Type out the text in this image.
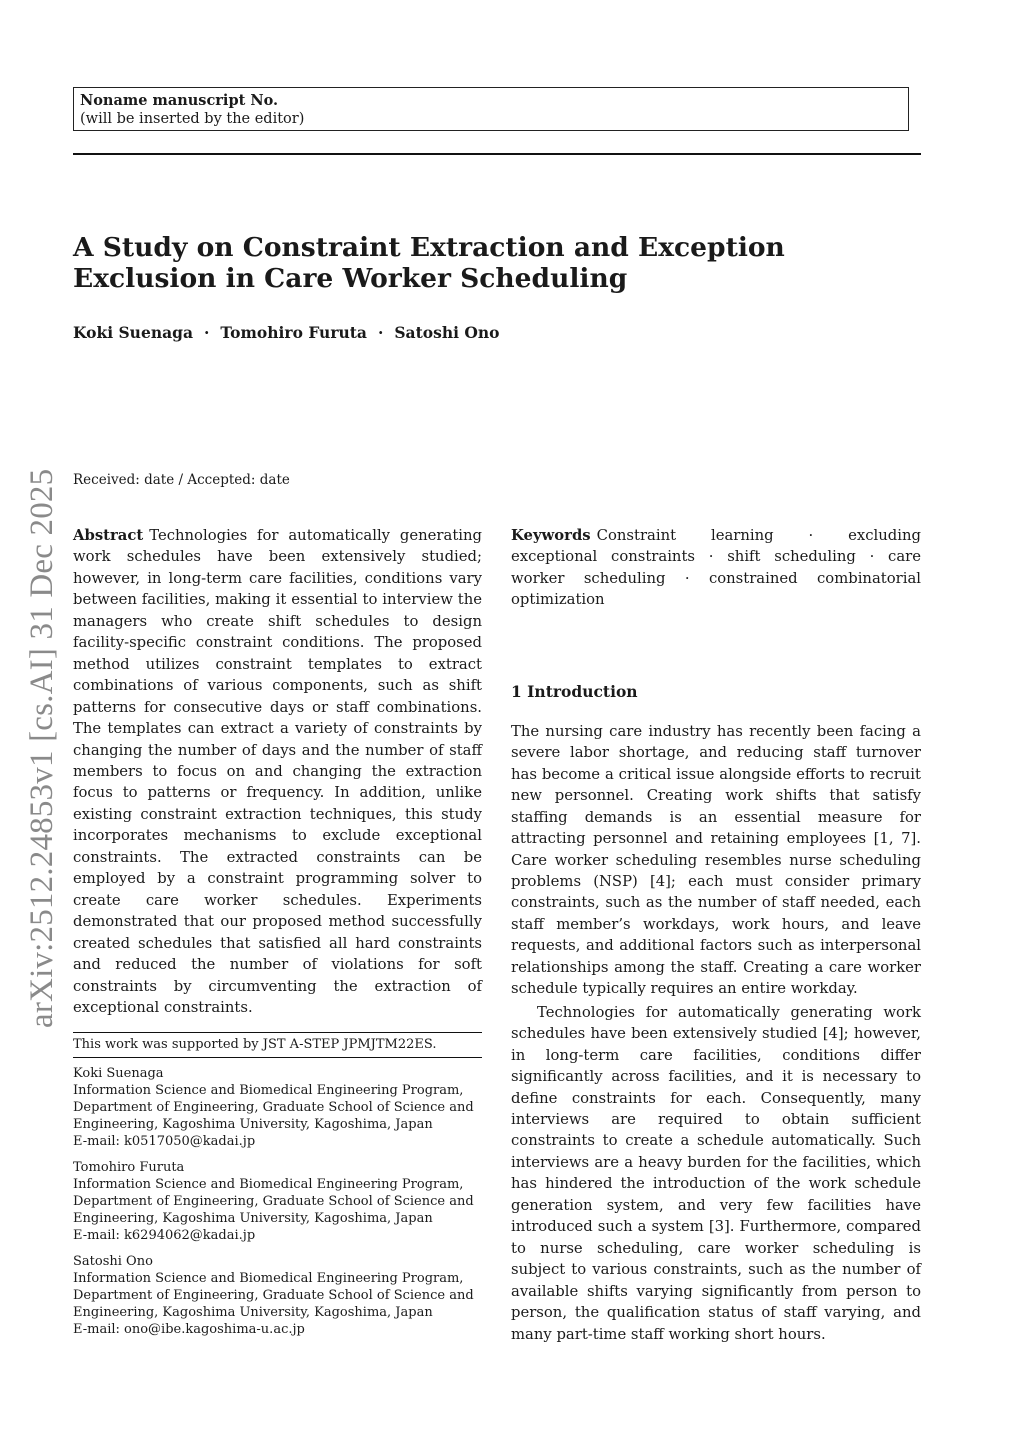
Noname manuscript No.
(will be inserted by the editor)
A Study on Constraint Extraction and Exception Exclusion in Care Worker Scheduling
Koki Suenaga · Tomohiro Furuta · Satoshi Ono
arXiv:2512.24853v1 [cs.AI] 31 Dec 2025 Received: date / Accepted: date

Abstract Technologies for automatically generating work schedules have been extensively studied; however, in long-term care facilities, conditions vary between facilities, making it essential to interview the managers who create shift schedules to design facility-specific constraint conditions. The proposed method utilizes constraint templates to extract combinations of various components, such as shift patterns for consecutive days or staff combinations. The templates can extract a variety of constraints by changing the number of days and the number of staff members to focus on and changing the extraction focus to patterns or frequency. In addition, unlike existing constraint extraction techniques, this study incorporates mechanisms to exclude exceptional constraints. The extracted constraints can be employed by a constraint programming solver to create care worker schedules. Experiments demonstrated that our proposed method successfully created schedules that satisfied all hard constraints and reduced the number of violations for soft constraints by circumventing the extraction of exceptional constraints.

This work was supported by JST A-STEP JPMJTM22ES.

Koki Suenaga
Information Science and Biomedical Engineering Program,
Department of Engineering, Graduate School of Science and
Engineering, Kagoshima University, Kagoshima, Japan
E-mail: k0517050@kadai.jp
Tomohiro Furuta
Information Science and Biomedical Engineering Program,
Department of Engineering, Graduate School of Science and
Engineering, Kagoshima University, Kagoshima, Japan
E-mail: k6294062@kadai.jp
Satoshi Ono
Information Science and Biomedical Engineering Program,
Department of Engineering, Graduate School of Science and
Engineering, Kagoshima University, Kagoshima, Japan
E-mail: ono@ibe.kagoshima-u.ac.jp

Keywords Constraint learning · excluding exceptional constraints · shift scheduling · care worker scheduling · constrained combinatorial optimization

1 Introduction

The nursing care industry has recently been facing a severe labor shortage, and reducing staff turnover has become a critical issue alongside efforts to recruit new personnel. Creating work shifts that satisfy staffing demands is an essential measure for attracting personnel and retaining employees [1, 7]. Care worker scheduling resembles nurse scheduling problems (NSP) [4]; each must consider primary constraints, such as the number of staff needed, each staff member’s workdays, work hours, and leave requests, and additional factors such as interpersonal relationships among the staff. Creating a care worker schedule typically requires an entire workday.

Technologies for automatically generating work schedules have been extensively studied [4]; however, in long-term care facilities, conditions differ significantly across facilities, and it is necessary to define constraints for each. Consequently, many interviews are required to obtain sufficient constraints to create a schedule automatically. Such interviews are a heavy burden for the facilities, which has hindered the introduction of the work schedule generation system, and very few facilities have introduced such a system [3]. Furthermore, compared to nurse scheduling, care worker scheduling is subject to various constraints, such as the number of available shifts varying significantly from person to person, the qualification status of staff varying, and many part-time staff working short hours.
